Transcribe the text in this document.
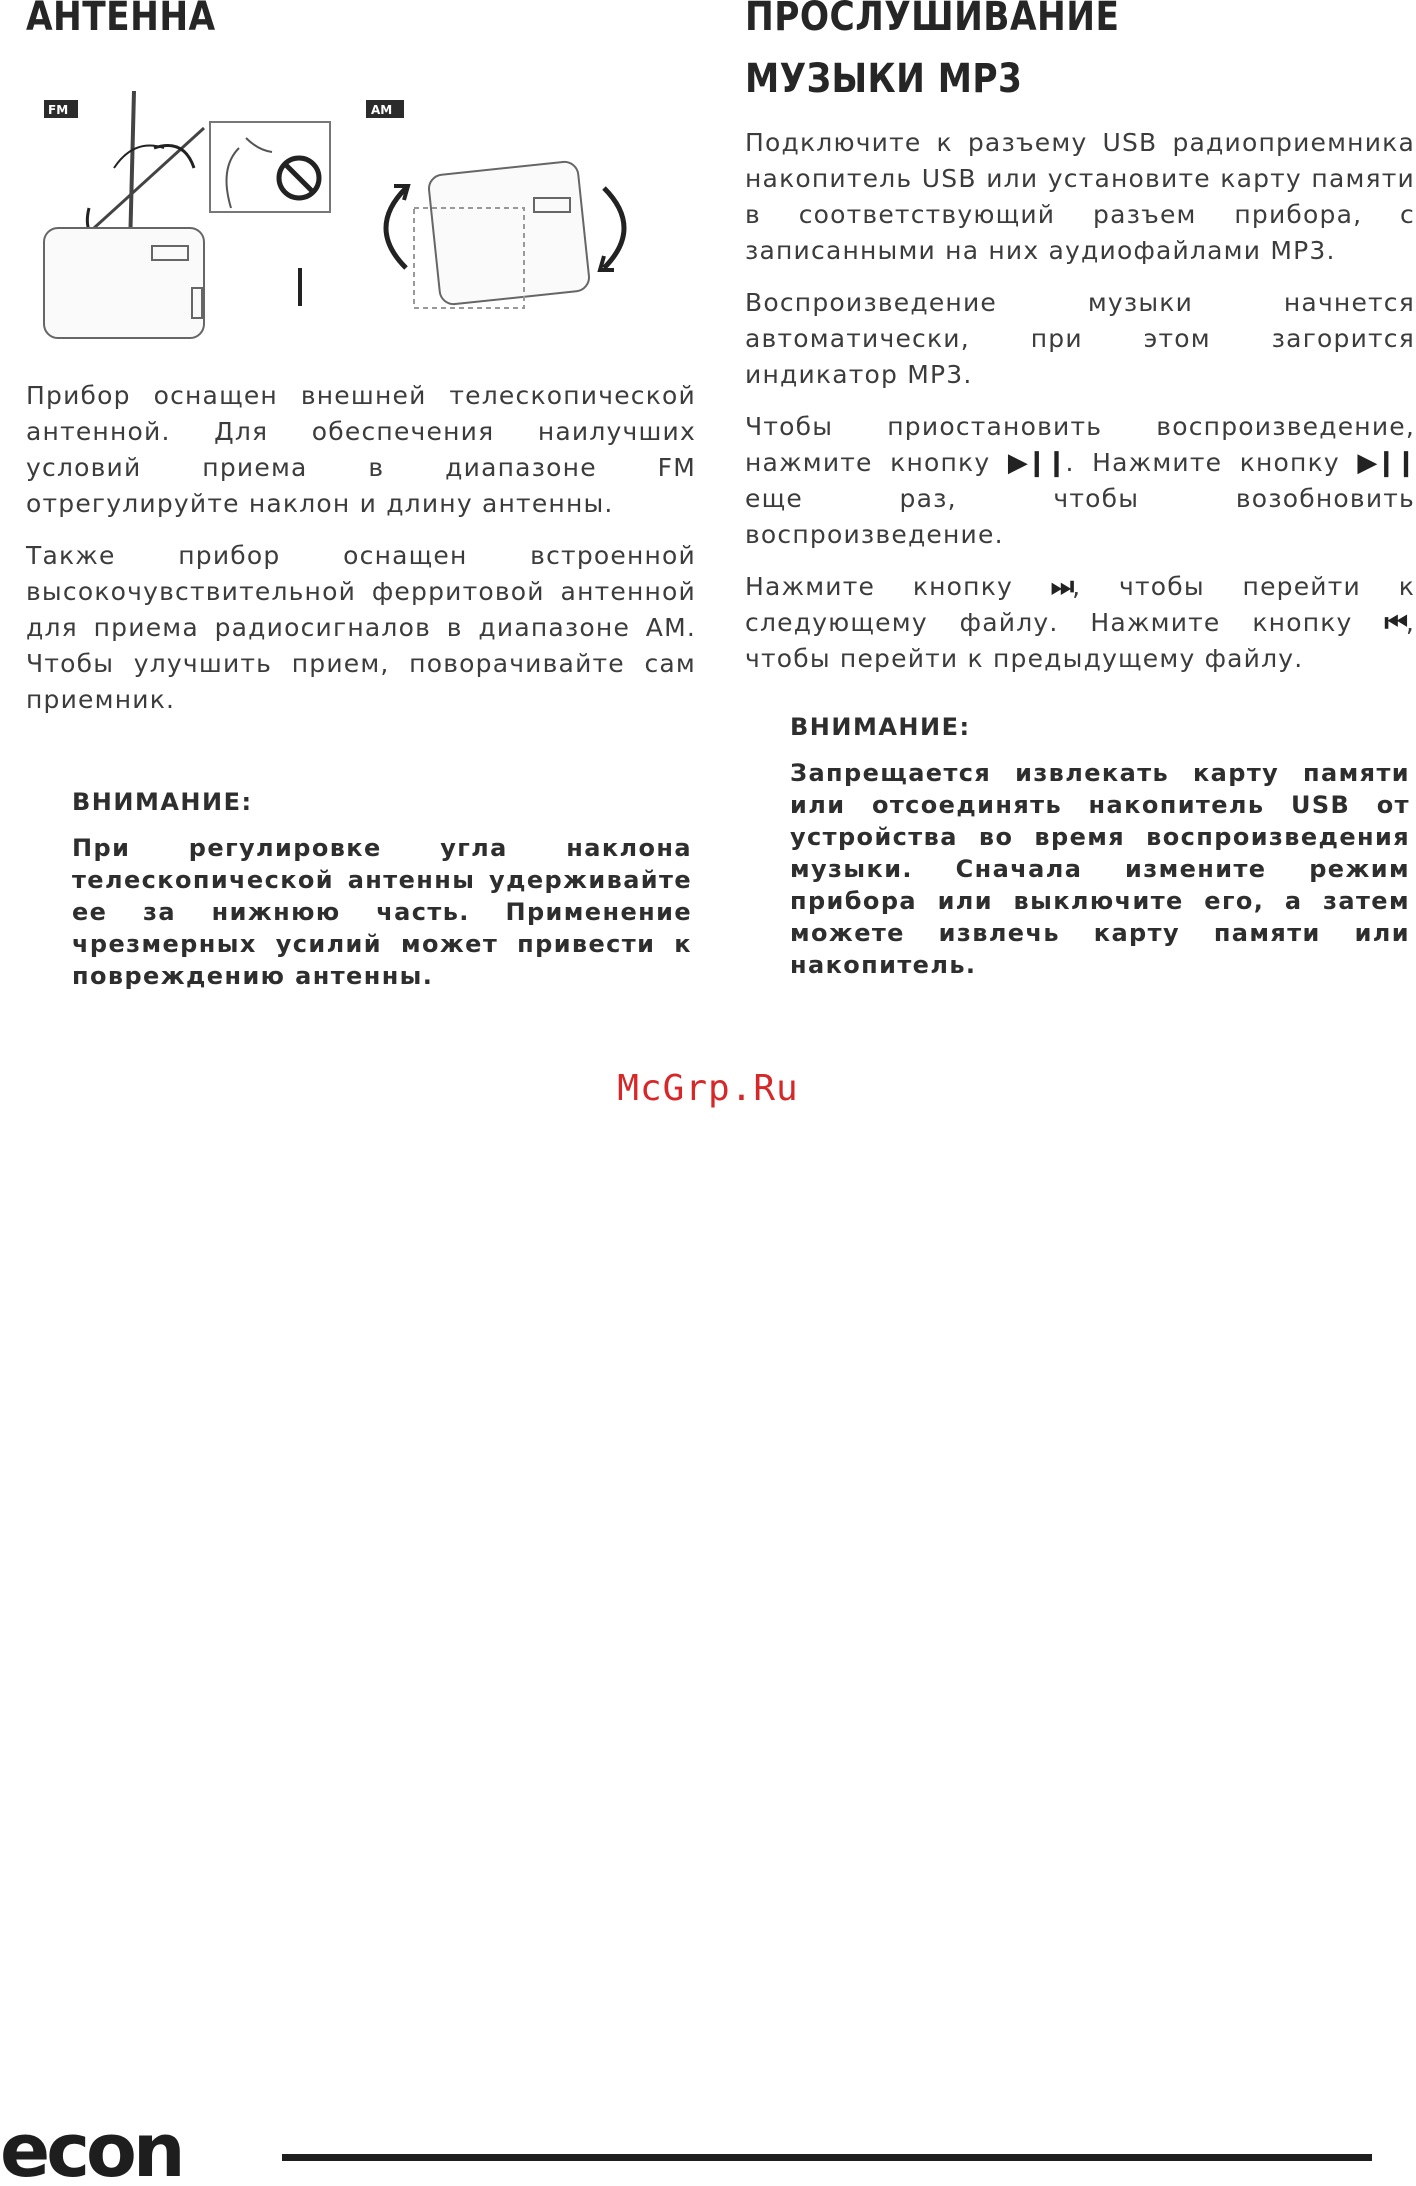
АНТЕННА
FM	AM

Прибор оснащен внешней телескопической антенной. Для обеспечения наилучших условий приема в диапазоне FM отрегулируйте наклон и длину антенны.

Также прибор оснащен встроенной высокочувствительной ферритовой антенной для приема радиосигналов в диапазоне AM. Чтобы улучшить прием, поворачивайте сам приемник.

ВНИМАНИЕ:

При регулировке угла наклона телескопической антенны удерживайте ее за нижнюю часть. Применение чрезмерных усилий может привести к повреждению антенны.

ПРОСЛУШИВАНИЕ
МУЗЫКИ MP3

Подключите к разъему USB радиоприемника накопитель USB или установите карту памяти в соответствующий разъем прибора, с записанными на них аудиофайлами MP3.

Воспроизведение музыки начнется автоматически, при этом загорится индикатор MP3.

Чтобы приостановить воспроизведение, нажмите кнопку ▶❙❙. Нажмите кнопку ▶❙❙ еще раз, чтобы возобновить воспроизведение.

Нажмите кнопку ⏭, чтобы перейти к следующему файлу. Нажмите кнопку ⏮, чтобы перейти к предыдущему файлу.

ВНИМАНИЕ:

Запрещается извлекать карту памяти или отсоединять накопитель USB от устройства во время воспроизведения музыки. Сначала измените режим прибора или выключите его, а затем можете извлечь карту памяти или накопитель.

McGrp.Ru
econ
